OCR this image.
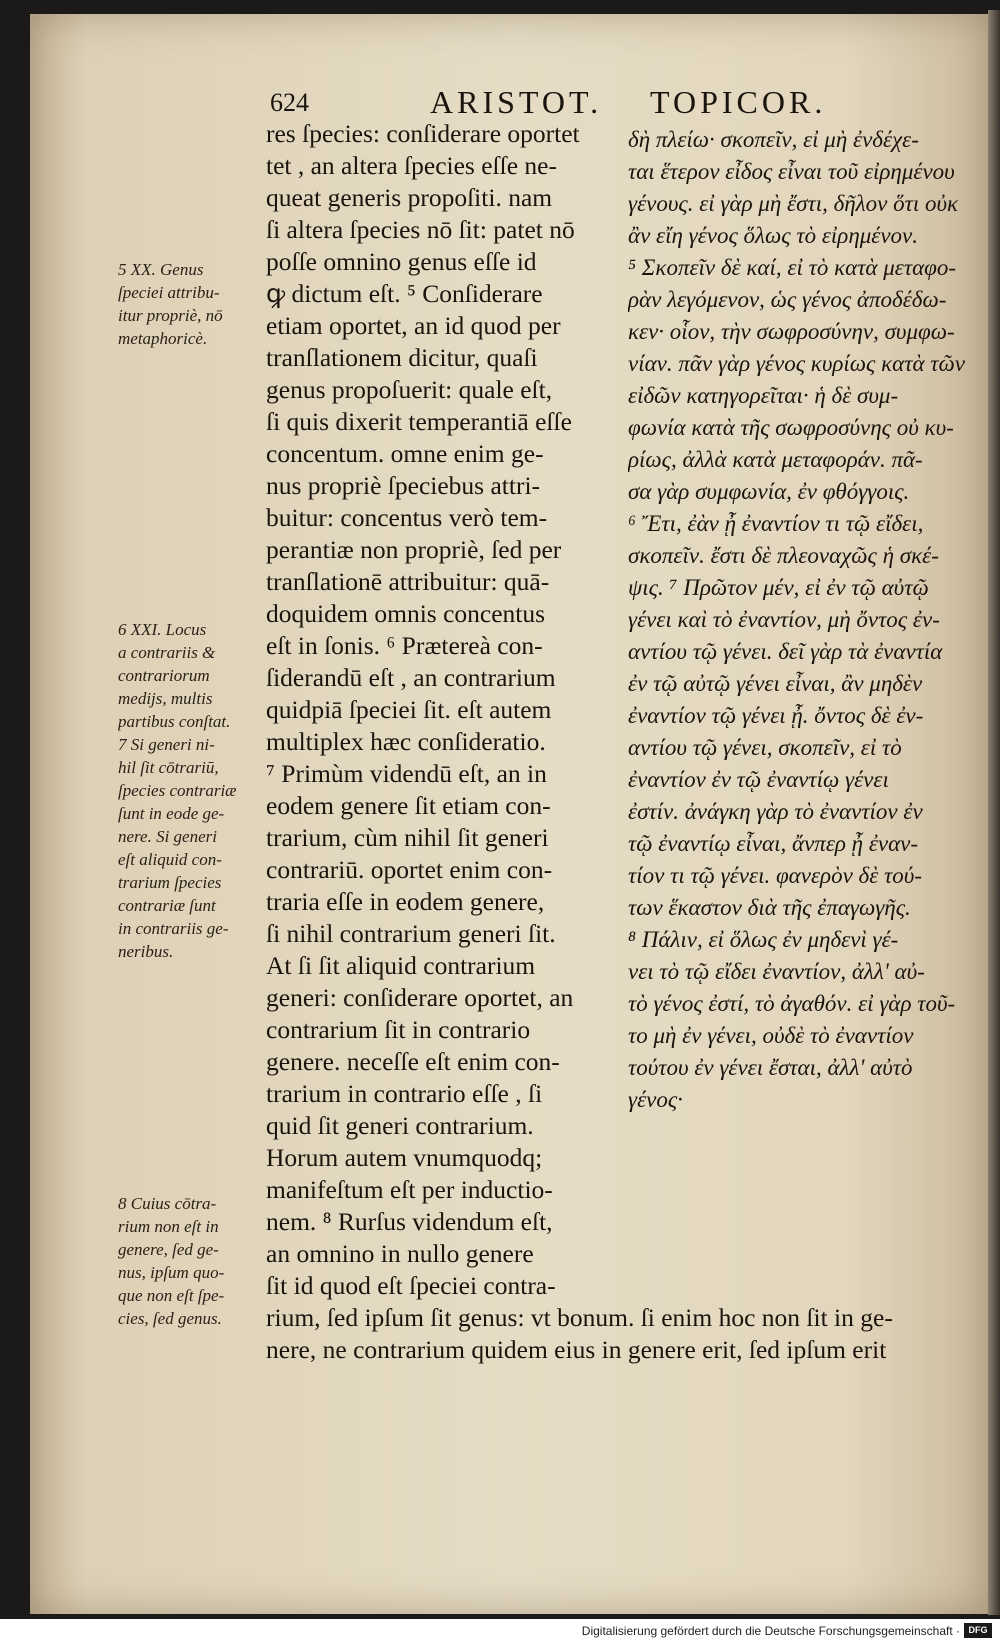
624	ARISTOT. TOPICOR.
5 XX. Genus
ſpeciei attribu-
itur propriè, nō
metaphoricè.
6 XXI. Locus
a contrariis &
contrariorum
medijs, multis
partibus conſtat.
7 Si generi ni-
hil ſit cōtrariū,
ſpecies contrariæ
ſunt in eode ge-
nere. Si generi
eſt aliquid con-
trarium ſpecies
contrariæ ſunt
in contrariis ge-
neribus.
8 Cuius cōtra-
rium non eſt in
genere, ſed ge-
nus, ipſum quo-
que non eſt ſpe-
cies, ſed genus.
res ſpecies: conſiderare oportet
tet , an altera ſpecies eſſe ne-
queat generis propoſiti. nam
ſi altera ſpecies nō ſit: patet nō
poſſe omnino genus eſſe id
ꝙ dictum eſt. ⁵ Conſiderare
etiam oportet, an id quod per
tranſlationem dicitur, quaſi
genus propoſuerit: quale eſt,
ſi quis dixerit temperantiā eſſe
concentum. omne enim ge-
nus propriè ſpeciebus attri-
buitur: concentus verò tem-
perantiæ non propriè, ſed per
tranſlationē attribuitur: quā-
doquidem omnis concentus
eſt in ſonis. ⁶ Prætereà con-
ſiderandū eſt , an contrarium
quidpiā ſpeciei ſit. eſt autem
multiplex hæc conſideratio.
⁷ Primùm videndū eſt, an in
eodem genere ſit etiam con-
trarium, cùm nihil ſit generi
contrariū. oportet enim con-
traria eſſe in eodem genere,
ſi nihil contrarium generi ſit.
At ſi ſit aliquid contrarium
generi: conſiderare oportet, an
contrarium ſit in contrario
genere. neceſſe eſt enim con-
trarium in contrario eſſe , ſi
quid ſit generi contrarium.
Horum autem vnumquodq;
manifeſtum eſt per inductio-
nem. ⁸ Rurſus videndum eſt,
an omnino in nullo genere
ſit id quod eſt ſpeciei contra-
rium, ſed ipſum ſit genus: vt bonum. ſi enim hoc non ſit in ge-
nere, ne contrarium quidem eius in genere erit, ſed ipſum erit
δὴ πλείω· σκοπεῖν, εἰ μὴ ἐνδέχε-
ται ἕτερον εἶδος εἶναι τοῦ εἰρημένου
γένους. εἰ γὰρ μὴ ἔστι, δῆλον ὅτι οὐκ
ἂν εἴη γένος ὅλως τὸ εἰρημένον.
⁵ Σκοπεῖν δὲ καί, εἰ τὸ κατὰ μεταφο-
ρὰν λεγόμενον, ὡς γένος ἀποδέδω-
κεν· οἷον, τὴν σωφροσύνην, συμφω-
νίαν. πᾶν γὰρ γένος κυρίως κατὰ τῶν
εἰδῶν κατηγορεῖται· ἡ δὲ συμ-
φωνία κατὰ τῆς σωφροσύνης οὐ κυ-
ρίως, ἀλλὰ κατὰ μεταφοράν. πᾶ-
σα γὰρ συμφωνία, ἐν φθόγγοις.
⁶ Ἔτι, ἐὰν ᾖ ἐναντίον τι τῷ εἴδει,
σκοπεῖν. ἔστι δὲ πλεοναχῶς ἡ σκέ-
ψις. ⁷ Πρῶτον μέν, εἰ ἐν τῷ αὐτῷ
γένει καὶ τὸ ἐναντίον, μὴ ὄντος ἐν-
αντίου τῷ γένει. δεῖ γὰρ τὰ ἐναντία
ἐν τῷ αὐτῷ γένει εἶναι, ἂν μηδὲν
ἐναντίον τῷ γένει ᾖ. ὄντος δὲ ἐν-
αντίου τῷ γένει, σκοπεῖν, εἰ τὸ
ἐναντίον ἐν τῷ ἐναντίῳ γένει
ἐστίν. ἀνάγκη γὰρ τὸ ἐναντίον ἐν
τῷ ἐναντίῳ εἶναι, ἄνπερ ᾖ ἐναν-
τίον τι τῷ γένει. φανερὸν δὲ τού-
των ἕκαστον διὰ τῆς ἐπαγωγῆς.
⁸ Πάλιν, εἰ ὅλως ἐν μηδενὶ γέ-
νει τὸ τῷ εἴδει ἐναντίον, ἀλλ' αὐ-
τὸ γένος ἐστί, τὸ ἀγαθόν. εἰ γὰρ τοῦ-
το μὴ ἐν γένει, οὐδὲ τὸ ἐναντίον
τούτου ἐν γένει ἔσται, ἀλλ' αὐτὸ
γένος·
Digitalisierung gefördert durch die Deutsche Forschungsgemeinschaft · DFG
